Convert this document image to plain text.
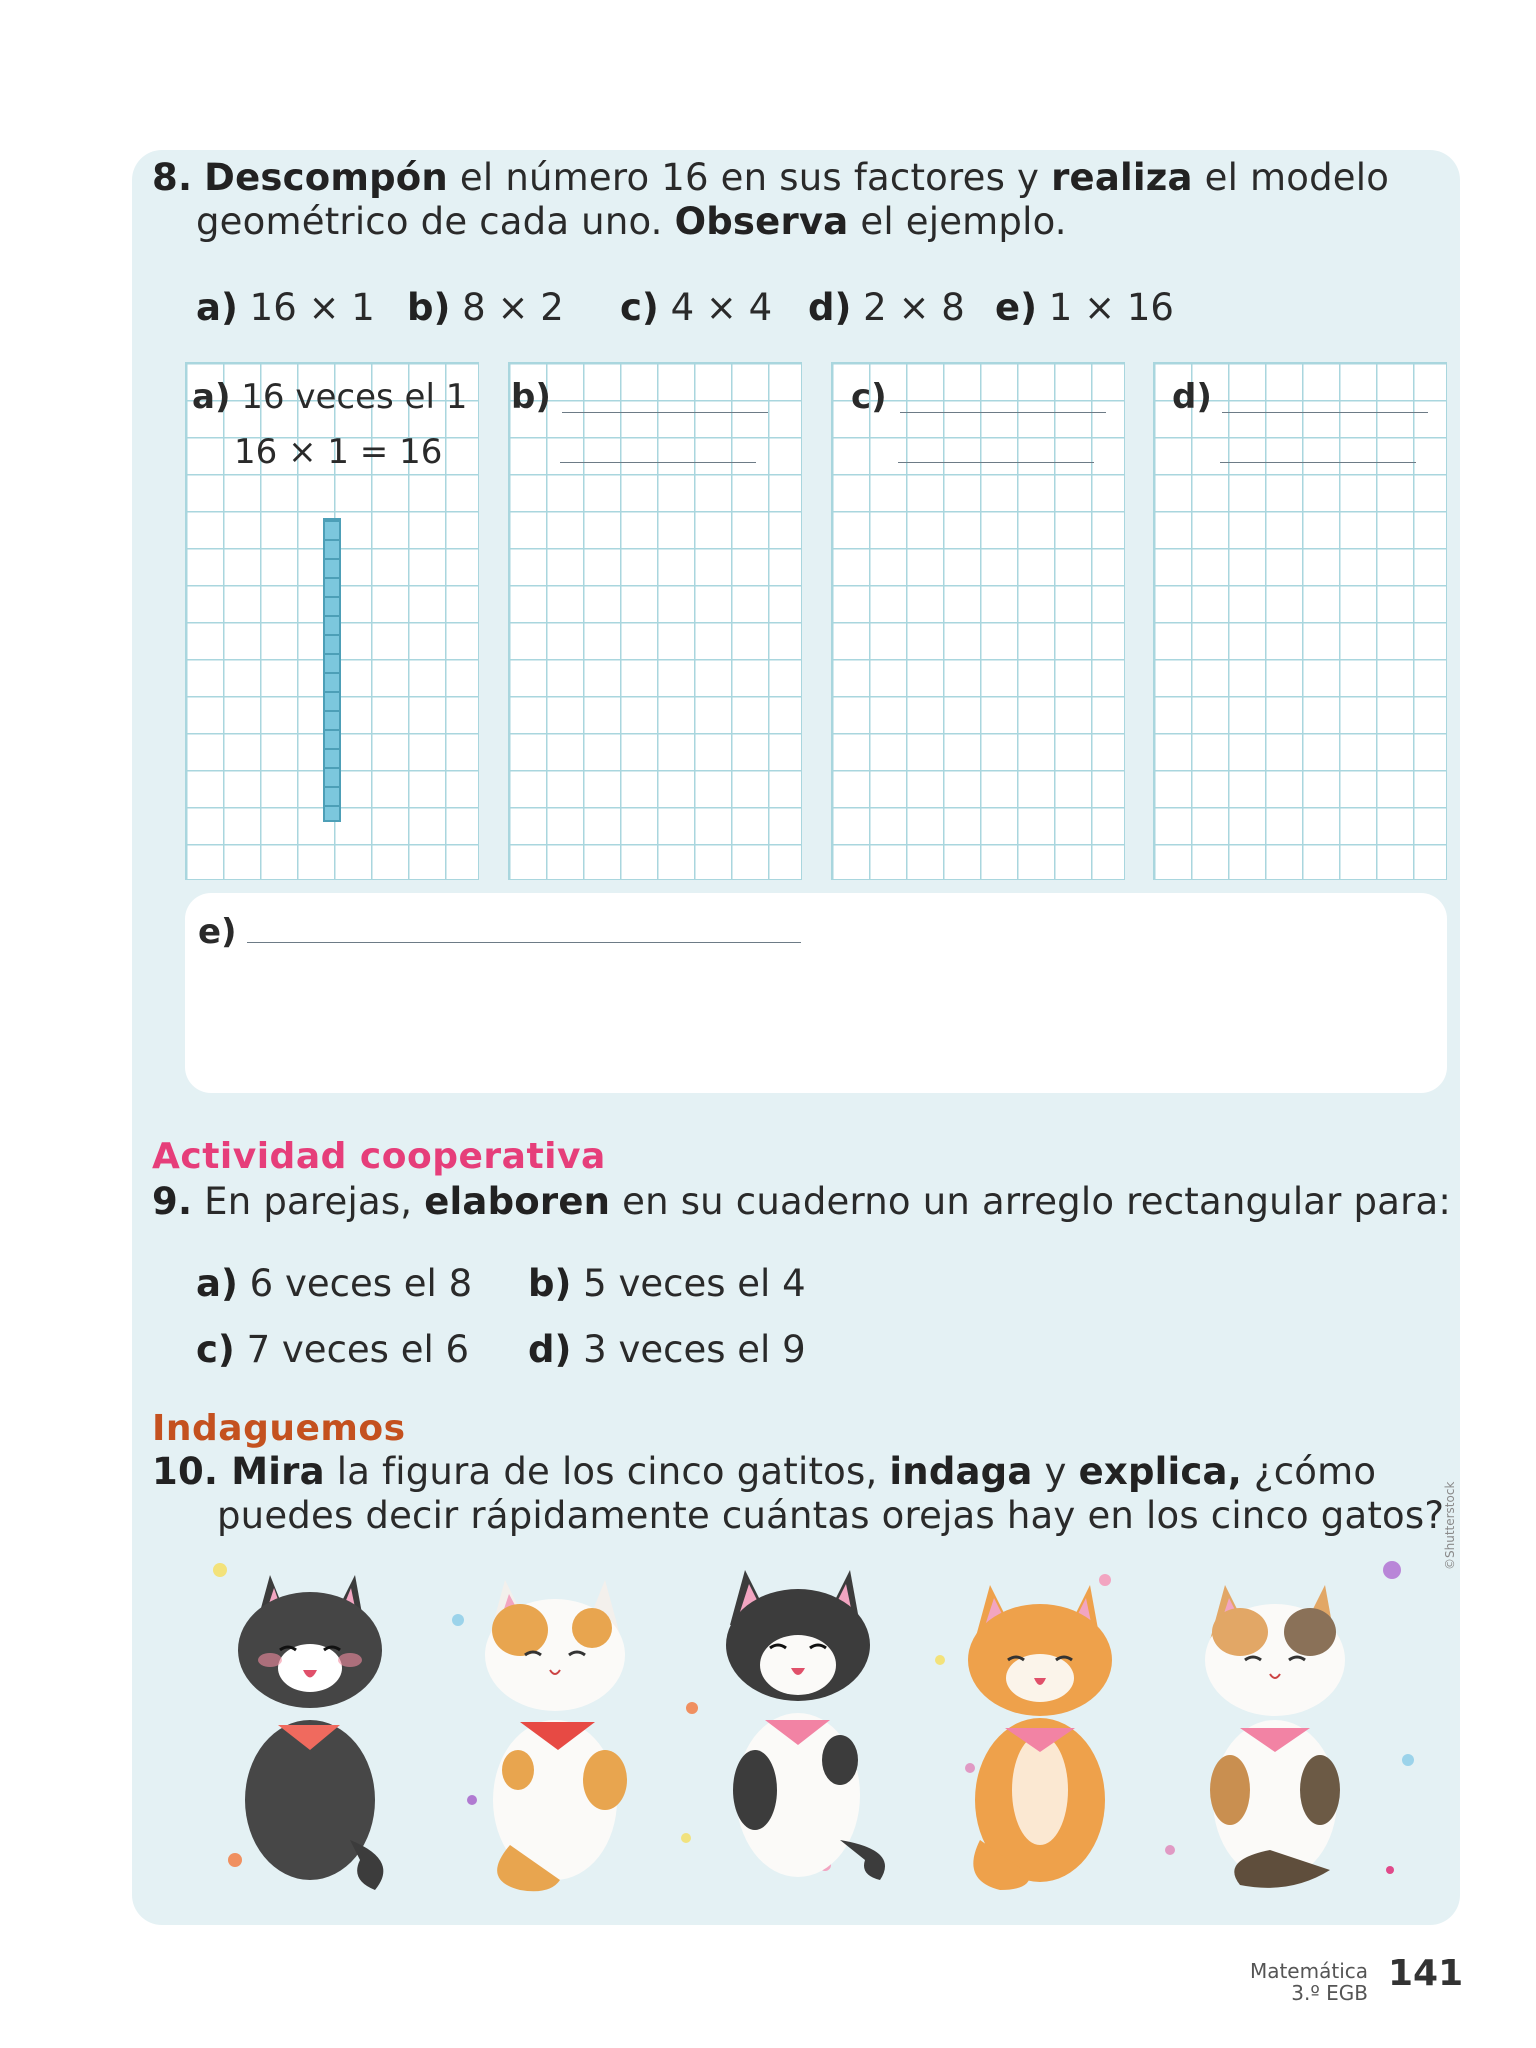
8. Descompón el número 16 en sus factores y realiza el modelo
geométrico de cada uno. Observa el ejemplo.
a) 16 × 1 b) 8 × 2 c) 4 × 4 d) 2 × 8 e) 1 × 16
a) 16 veces el 1
16 × 1 = 16
b)	c)	d)
e)
Actividad cooperativa
9. En parejas, elaboren en su cuaderno un arreglo rectangular para:
a) 6 veces el 8 b) 5 veces el 4
c) 7 veces el 6 d) 3 veces el 9
Indaguemos
10. Mira la figura de los cinco gatitos, indaga y explica, ¿cómo
puedes decir rápidamente cuántas orejas hay en los cinco gatos?
©Shutterstock
Matemática
3.º EGB 141
